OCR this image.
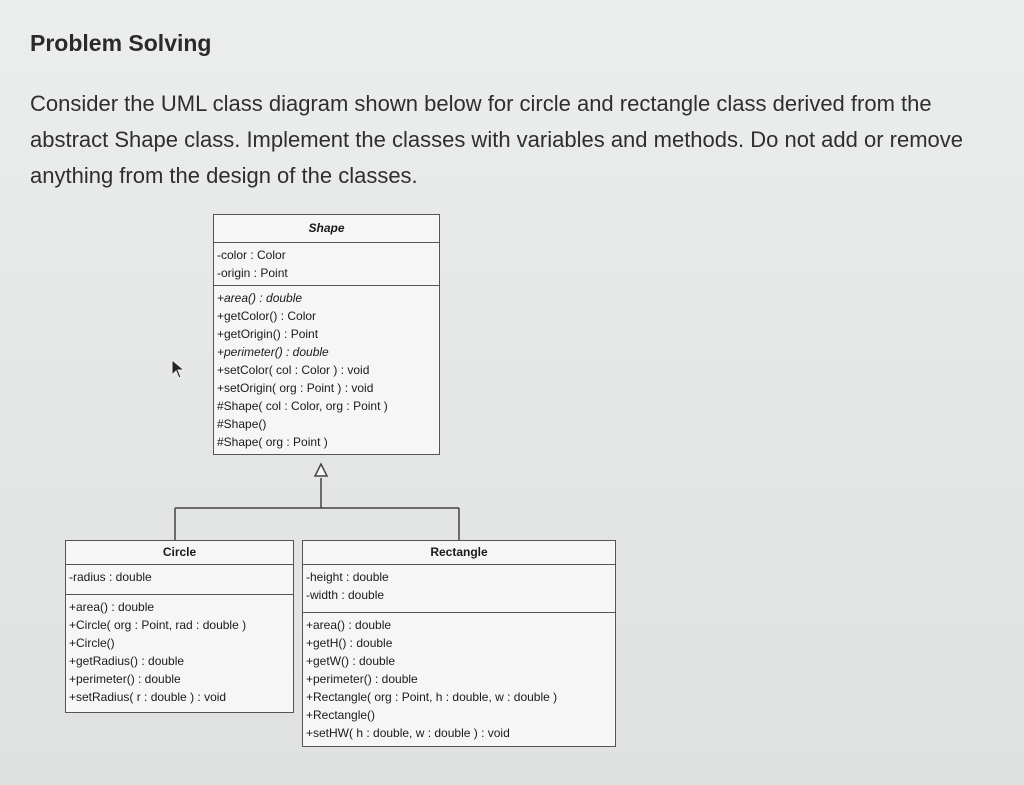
Problem Solving
Consider the UML class diagram shown below for circle and rectangle class derived from the abstract Shape class. Implement the classes with variables and methods. Do not add or remove anything from the design of the classes.
Shape
-color : Color
-origin : Point
+area() : double
+getColor() : Color
+getOrigin() : Point
+perimeter() : double
+setColor( col : Color ) : void
+setOrigin( org : Point ) : void
#Shape( col : Color, org : Point )
#Shape()
#Shape( org : Point )
Circle
-radius : double
+area() : double
+Circle( org : Point, rad : double )
+Circle()
+getRadius() : double
+perimeter() : double
+setRadius( r : double ) : void
Rectangle
-height : double
-width : double
+area() : double
+getH() : double
+getW() : double
+perimeter() : double
+Rectangle( org : Point, h : double, w : double )
+Rectangle()
+setHW( h : double, w : double ) : void
